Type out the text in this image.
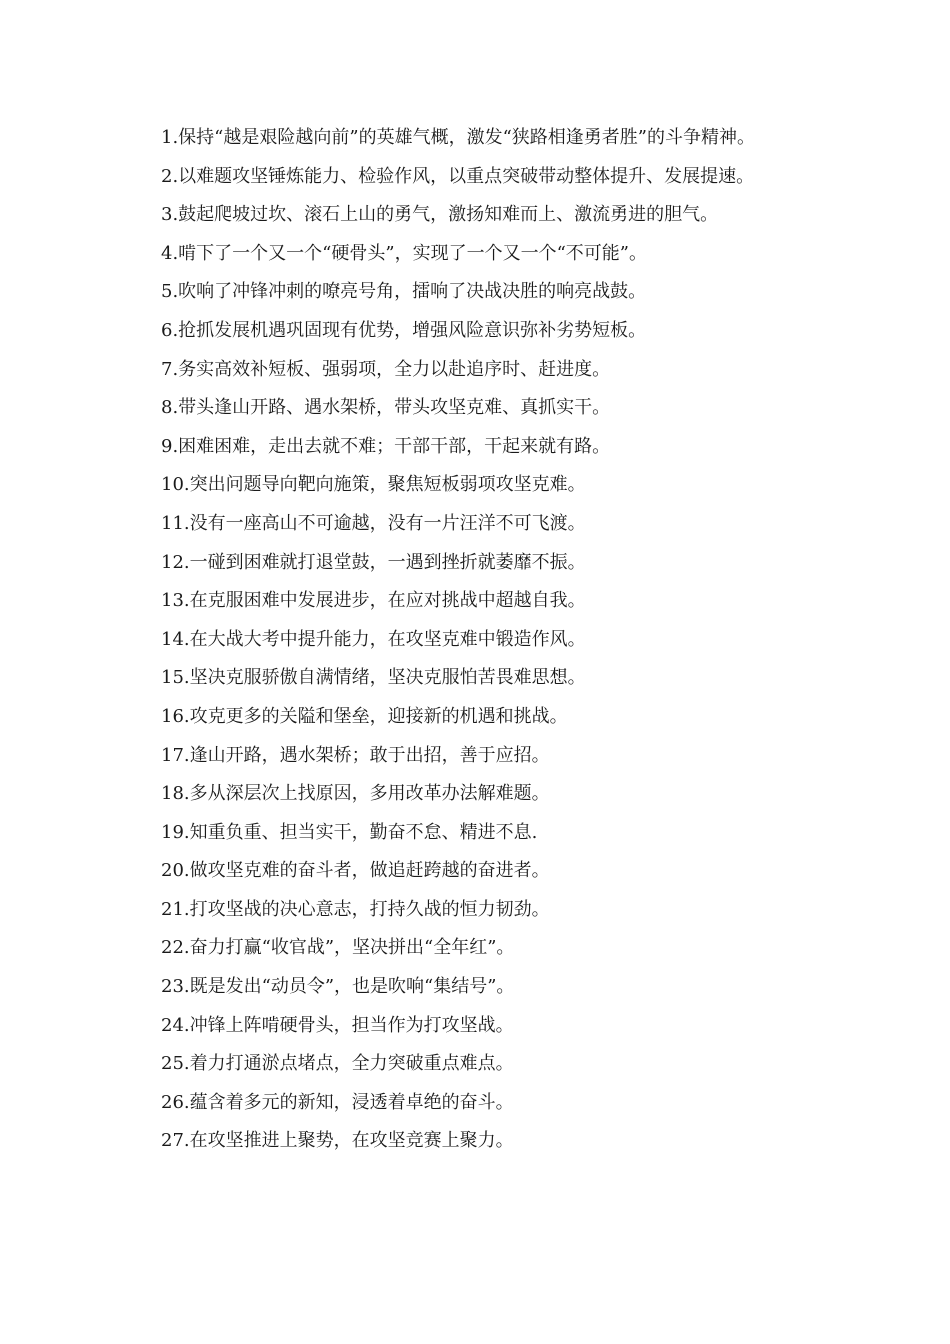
1.保持“越是艰险越向前”的英雄气概，激发“狭路相逢勇者胜”的斗争精神。

2.以难题攻坚锤炼能力、检验作风，以重点突破带动整体提升、发展提速。

3.鼓起爬坡过坎、滚石上山的勇气，激扬知难而上、激流勇进的胆气。

4.啃下了一个又一个“硬骨头”，实现了一个又一个“不可能”。

5.吹响了冲锋冲刺的嘹亮号角，擂响了决战决胜的响亮战鼓。

6.抢抓发展机遇巩固现有优势，增强风险意识弥补劣势短板。

7.务实高效补短板、强弱项，全力以赴追序时、赶进度。

8.带头逢山开路、遇水架桥，带头攻坚克难、真抓实干。

9.困难困难，走出去就不难；干部干部，干起来就有路。

10.突出问题导向靶向施策，聚焦短板弱项攻坚克难。

11.没有一座高山不可逾越，没有一片汪洋不可飞渡。

12.一碰到困难就打退堂鼓，一遇到挫折就萎靡不振。

13.在克服困难中发展进步，在应对挑战中超越自我。

14.在大战大考中提升能力，在攻坚克难中锻造作风。

15.坚决克服骄傲自满情绪，坚决克服怕苦畏难思想。

16.攻克更多的关隘和堡垒，迎接新的机遇和挑战。

17.逢山开路，遇水架桥；敢于出招，善于应招。

18.多从深层次上找原因，多用改革办法解难题。

19.知重负重、担当实干，勤奋不怠、精进不息.

20.做攻坚克难的奋斗者，做追赶跨越的奋进者。

21.打攻坚战的决心意志，打持久战的恒力韧劲。

22.奋力打赢“收官战”，坚决拼出“全年红”。

23.既是发出“动员令”，也是吹响“集结号”。

24.冲锋上阵啃硬骨头，担当作为打攻坚战。

25.着力打通淤点堵点，全力突破重点难点。

26.蕴含着多元的新知，浸透着卓绝的奋斗。

27.在攻坚推进上聚势，在攻坚竞赛上聚力。
